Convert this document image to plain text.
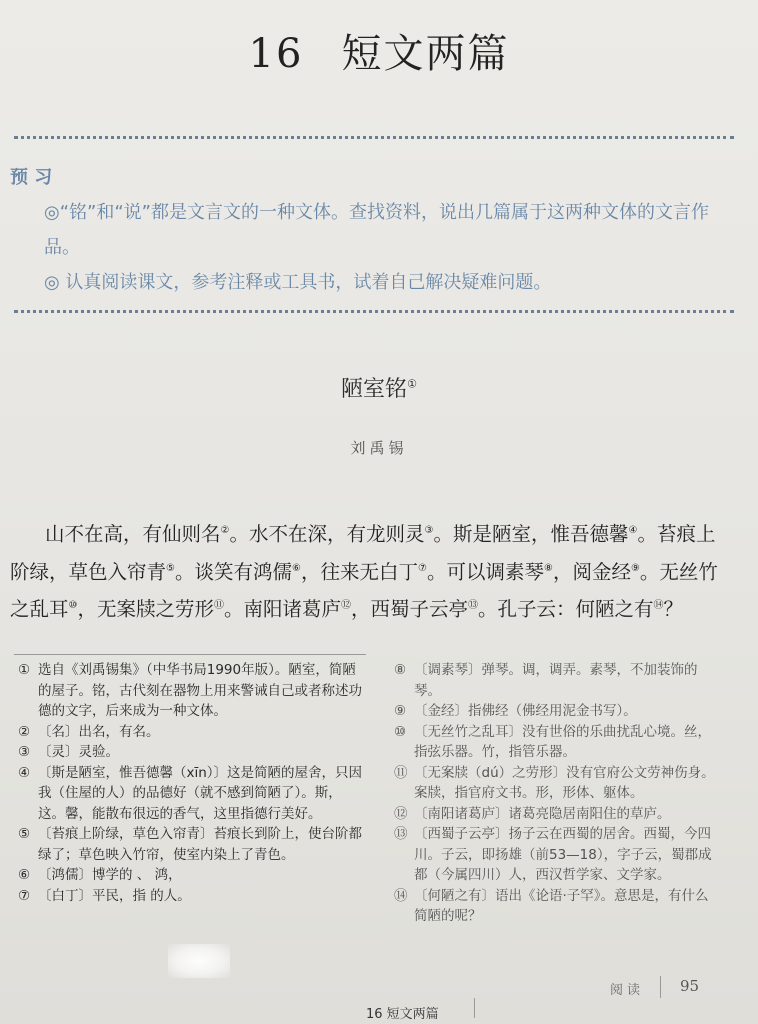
16 短文两篇
预 习
◎“铭”和“说”都是文言文的一种文体。查找资料，说出几篇属于这两种文体的文言作品。
◎ 认真阅读课文，参考注释或工具书，试着自己解决疑难问题。
陋室铭①
刘禹锡
山不在高，有仙则名②。水不在深，有龙则灵③。斯是陋室，惟吾德馨④。苔痕上阶绿，草色入帘青⑤。谈笑有鸿儒⑥，往来无白丁⑦。可以调素琴⑧，阅金经⑨。无丝竹之乱耳⑩，无案牍之劳形⑪。南阳诸葛庐⑫，西蜀子云亭⑬。孔子云：何陋之有⑭？
① 选自《刘禹锡集》（中华书局1990年版）。陋室，简陋的屋子。铭，古代刻在器物上用来警诫自己或者称述功德的文字，后来成为一种文体。
② 〔名〕出名，有名。
③ 〔灵〕灵验。
④ 〔斯是陋室，惟吾德馨（xīn）〕这是简陋的屋舍，只因我（住屋的人）的品德好（就不感到简陋了）。斯，这。馨，能散布很远的香气，这里指德行美好。
⑤ 〔苔痕上阶绿，草色入帘青〕苔痕长到阶上，使台阶都绿了；草色映入竹帘，使室内染上了青色。
⑥ 〔鸿儒〕博学的 、 鸿，
⑦ 〔白丁〕平民，指 的人。
⑧ 〔调素琴〕弹琴。调，调弄。素琴，不加装饰的琴。
⑨ 〔金经〕指佛经（佛经用泥金书写）。
⑩ 〔无丝竹之乱耳〕没有世俗的乐曲扰乱心境。丝，指弦乐器。竹，指管乐器。
⑪ 〔无案牍（dú）之劳形〕没有官府公文劳神伤身。案牍，指官府文书。形，形体、躯体。
⑫ 〔南阳诸葛庐〕诸葛亮隐居南阳住的草庐。
⑬ 〔西蜀子云亭〕扬子云在西蜀的居舍。西蜀，今四川。子云，即扬雄（前53—18），字子云，蜀郡成都（今属四川）人，西汉哲学家、文学家。
⑭ 〔何陋之有〕语出《论语·子罕》。意思是，有什么简陋的呢？
阅读 95
16 短文两篇
